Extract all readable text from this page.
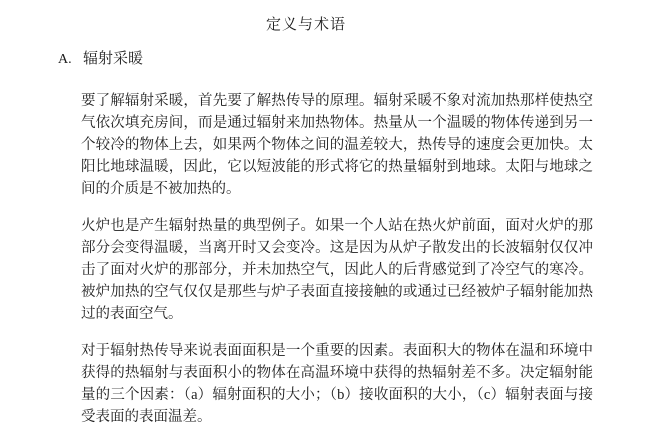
定义与术语
A. 辐射采暖

要了解辐射采暖，首先要了解热传导的原理。辐射采暖不象对流加热那样使热空气依次填充房间，而是通过辐射来加热物体。热量从一个温暖的物体传递到另一个较冷的物体上去，如果两个物体之间的温差较大，热传导的速度会更加快。太阳比地球温暖，因此，它以短波能的形式将它的热量辐射到地球。太阳与地球之间的介质是不被加热的。

火炉也是产生辐射热量的典型例子。如果一个人站在热火炉前面，面对火炉的那部分会变得温暖，当离开时又会变冷。这是因为从炉子散发出的长波辐射仅仅冲击了面对火炉的那部分，并未加热空气，因此人的后背感觉到了冷空气的寒冷。被炉加热的空气仅仅是那些与炉子表面直接接触的或通过已经被炉子辐射能加热过的表面空气。

对于辐射热传导来说表面面积是一个重要的因素。表面积大的物体在温和环境中获得的热辐射与表面积小的物体在高温环境中获得的热辐射差不多。决定辐射能量的三个因素：（a）辐射面积的大小；（b）接收面积的大小，（c）辐射表面与接受表面的表面温差。
